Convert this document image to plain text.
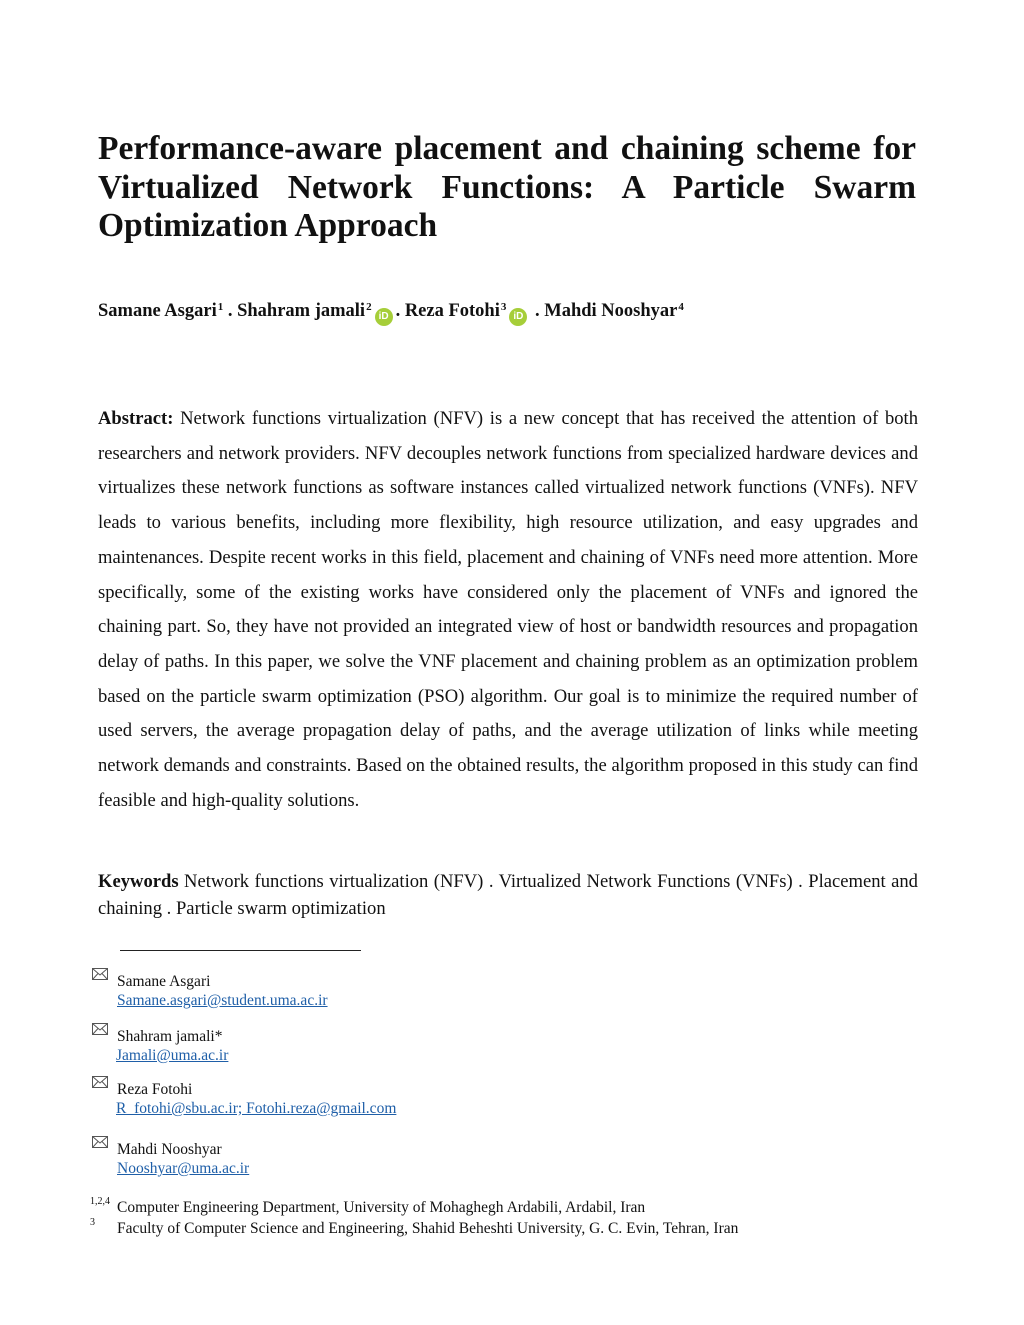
Performance-aware placement and chaining scheme for Virtualized Network Functions: A Particle Swarm Optimization Approach
Samane Asgari$^1$ . Shahram jamali$^2$iD . Reza Fotohi$^3$iD . Mahdi Nooshyar$^4$

Abstract: Network functions virtualization (NFV) is a new concept that has received the attention of both researchers and network providers. NFV decouples network functions from specialized hardware devices and virtualizes these network functions as software instances called virtualized network functions (VNFs). NFV leads to various benefits, including more flexibility, high resource utilization, and easy upgrades and maintenances. Despite recent works in this field, placement and chaining of VNFs need more attention. More specifically, some of the existing works have considered only the placement of VNFs and ignored the chaining part. So, they have not provided an integrated view of host or bandwidth resources and propagation delay of paths. In this paper, we solve the VNF placement and chaining problem as an optimization problem based on the particle swarm optimization (PSO) algorithm. Our goal is to minimize the required number of used servers, the average propagation delay of paths, and the average utilization of links while meeting network demands and constraints. Based on the obtained results, the algorithm proposed in this study can find feasible and high-quality solutions.

Keywords Network functions virtualization (NFV) . Virtualized Network Functions (VNFs) . Placement and chaining . Particle swarm optimization

Samane Asgari
Samane.asgari@student.uma.ac.ir
Shahram jamali*
Jamali@uma.ac.ir
Reza Fotohi
R_fotohi@sbu.ac.ir; Fotohi.reza@gmail.com
Mahdi Nooshyar
Nooshyar@uma.ac.ir
1,2,4 Computer Engineering Department, University of Mohaghegh Ardabili, Ardabil, Iran
3 Faculty of Computer Science and Engineering, Shahid Beheshti University, G. C. Evin, Tehran, Iran
